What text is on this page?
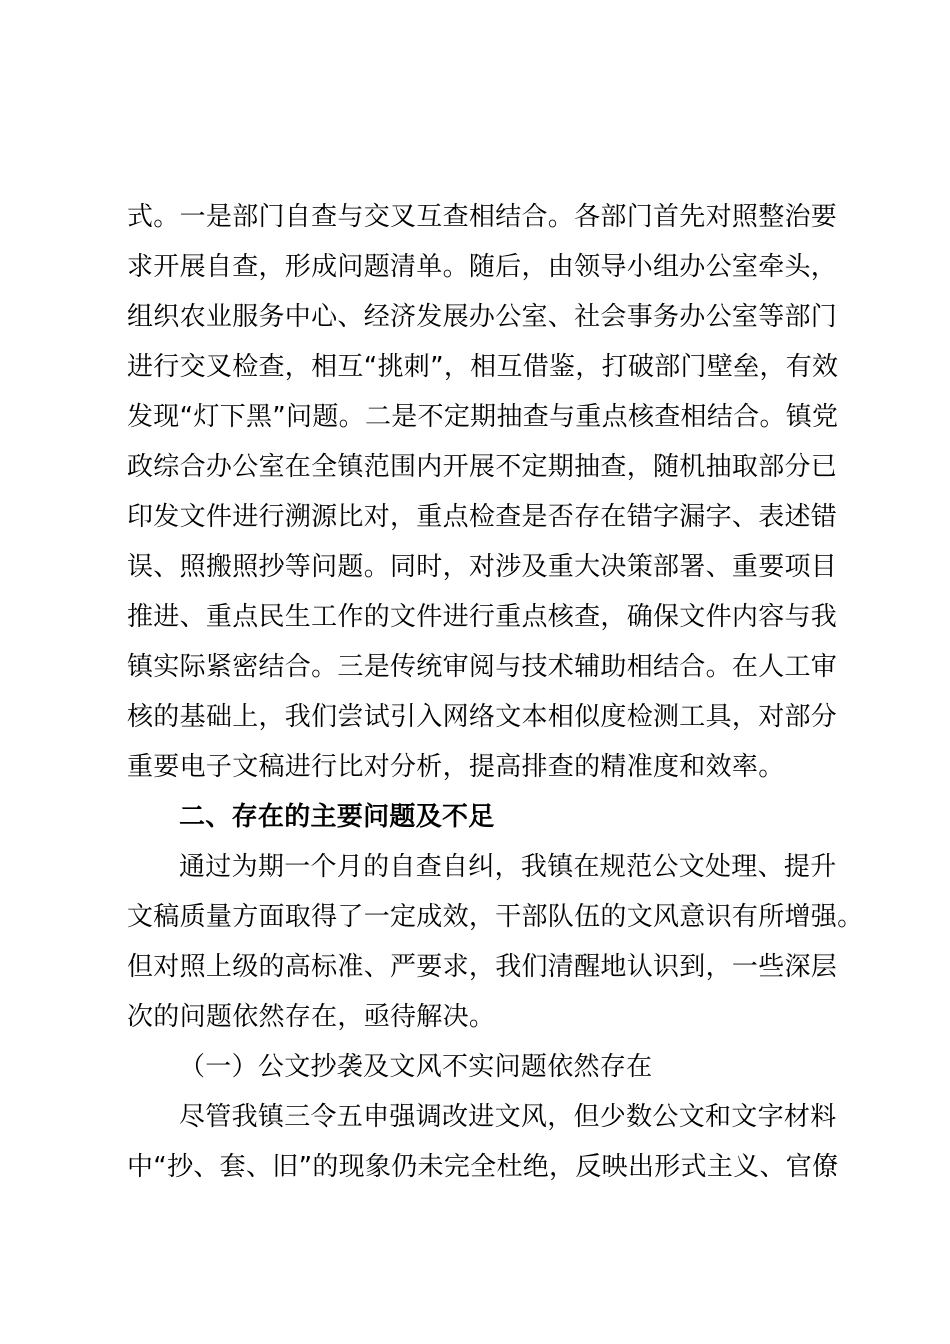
式。一是部门自查与交叉互查相结合。各部门首先对照整治要
求开展自查，形成问题清单。随后，由领导小组办公室牵头，
组织农业服务中心、经济发展办公室、社会事务办公室等部门
进行交叉检查，相互“挑刺”，相互借鉴，打破部门壁垒，有效
发现“灯下黑”问题。二是不定期抽查与重点核查相结合。镇党
政综合办公室在全镇范围内开展不定期抽查，随机抽取部分已
印发文件进行溯源比对，重点检查是否存在错字漏字、表述错
误、照搬照抄等问题。同时，对涉及重大决策部署、重要项目
推进、重点民生工作的文件进行重点核查，确保文件内容与我
镇实际紧密结合。三是传统审阅与技术辅助相结合。在人工审
核的基础上，我们尝试引入网络文本相似度检测工具，对部分
重要电子文稿进行比对分析，提高排查的精准度和效率。
二、存在的主要问题及不足
通过为期一个月的自查自纠，我镇在规范公文处理、提升
文稿质量方面取得了一定成效，干部队伍的文风意识有所增强。
但对照上级的高标准、严要求，我们清醒地认识到，一些深层
次的问题依然存在，亟待解决。
（一）公文抄袭及文风不实问题依然存在
尽管我镇三令五申强调改进文风，但少数公文和文字材料
中“抄、套、旧”的现象仍未完全杜绝，反映出形式主义、官僚
